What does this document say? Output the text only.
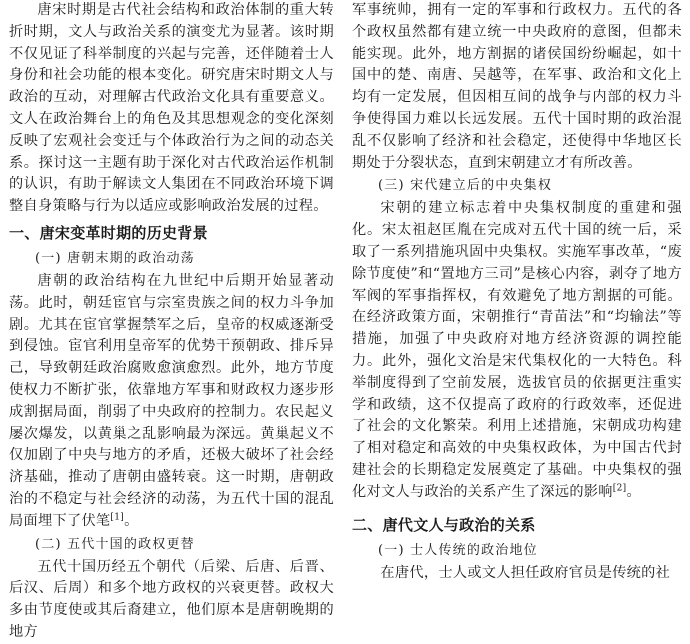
唐宋时期是古代社会结构和政治体制的重大转折时期，文人与政治关系的演变尤为显著。该时期不仅见证了科举制度的兴起与完善，还伴随着士人身份和社会功能的根本变化。研究唐宋时期文人与政治的互动，对理解古代政治文化具有重要意义。文人在政治舞台上的角色及其思想观念的变化深刻反映了宏观社会变迁与个体政治行为之间的动态关系。探讨这一主题有助于深化对古代政治运作机制的认识，有助于解读文人集团在不同政治环境下调整自身策略与行为以适应或影响政治发展的过程。

一、唐宋变革时期的历史背景
(一) 唐朝末期的政治动荡

唐朝的政治结构在九世纪中后期开始显著动荡。此时，朝廷宦官与宗室贵族之间的权力斗争加剧。尤其在宦官掌握禁军之后，皇帝的权威逐渐受到侵蚀。宦官利用皇帝军的优势干预朝政、排斥异己，导致朝廷政治腐败愈演愈烈。此外，地方节度使权力不断扩张，依靠地方军事和财政权力逐步形成割据局面，削弱了中央政府的控制力。农民起义屡次爆发，以黄巢之乱影响最为深远。黄巢起义不仅加剧了中央与地方的矛盾，还极大破坏了社会经济基础，推动了唐朝由盛转衰。这一时期，唐朝政治的不稳定与社会经济的动荡，为五代十国的混乱局面埋下了伏笔[1]。

(二) 五代十国的政权更替

五代十国历经五个朝代（后梁、后唐、后晋、后汉、后周）和多个地方政权的兴衰更替。政权大多由节度使或其后裔建立，他们原本是唐朝晚期的地方

军事统帅，拥有一定的军事和行政权力。五代的各个政权虽然都有建立统一中央政府的意图，但都未能实现。此外，地方割据的诸侯国纷纷崛起，如十国中的楚、南唐、吴越等，在军事、政治和文化上均有一定发展，但因相互间的战争与内部的权力斗争使得国力难以长远发展。五代十国时期的政治混乱不仅影响了经济和社会稳定，还使得中华地区长期处于分裂状态，直到宋朝建立才有所改善。

(三) 宋代建立后的中央集权

宋朝的建立标志着中央集权制度的重建和强化。宋太祖赵匡胤在完成对五代十国的统一后，采取了一系列措施巩固中央集权。实施军事改革，“废除节度使”和“置地方三司”是核心内容，剥夺了地方军阀的军事指挥权，有效避免了地方割据的可能。在经济政策方面，宋朝推行“青苗法”和“均输法”等措施，加强了中央政府对地方经济资源的调控能力。此外，强化文治是宋代集权化的一大特色。科举制度得到了空前发展，选拔官员的依据更注重实学和政绩，这不仅提高了政府的行政效率，还促进了社会的文化繁荣。利用上述措施，宋朝成功构建了相对稳定和高效的中央集权政体，为中国古代封建社会的长期稳定发展奠定了基础。中央集权的强化对文人与政治的关系产生了深远的影响[2]。

二、唐代文人与政治的关系
(一) 士人传统的政治地位

在唐代，士人或文人担任政府官员是传统的社
